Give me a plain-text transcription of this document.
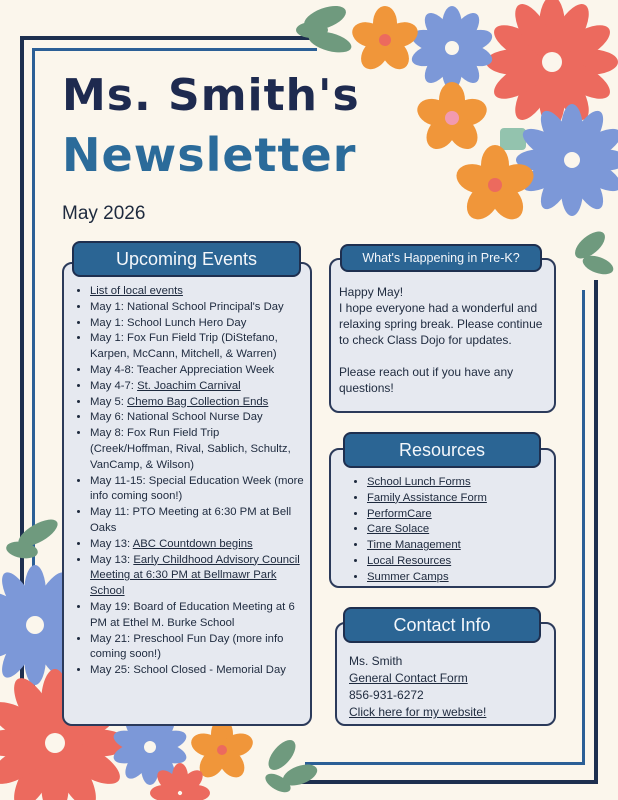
Ms. Smith's
Newsletter
May 2026
• List of local events
• May 1: National School Principal's Day
• May 1: School Lunch Hero Day
• May 1: Fox Fun Field Trip (DiStefano, Karpen, McCann, Mitchell, & Warren)
• May 4-8: Teacher Appreciation Week
• May 4-7: St. Joachim Carnival
• May 5: Chemo Bag Collection Ends
• May 6: National School Nurse Day
• May 8: Fox Run Field Trip (Creek/Hoffman, Rival, Sablich, Schultz, VanCamp, & Wilson)
• May 11-15: Special Education Week (more info coming soon!)
• May 11: PTO Meeting at 6:30 PM at Bell Oaks
• May 13: ABC Countdown begins
• May 13: Early Childhood Advisory Council Meeting at 6:30 PM at Bellmawr Park School
• May 19: Board of Education Meeting at 6 PM at Ethel M. Burke School
• May 21: Preschool Fun Day (more info coming soon!)
• May 25: School Closed - Memorial Day
Upcoming Events
Happy May!
I hope everyone had a wonderful and relaxing spring break. Please continue to check Class Dojo for updates.
Please reach out if you have any questions!
What's Happening in Pre-K?
• School Lunch Forms
• Family Assistance Form
• PerformCare
• Care Solace
• Time Management
• Local Resources
• Summer Camps
Resources
Ms. Smith
General Contact Form
856-931-6272
Click here for my website!
Contact Info
